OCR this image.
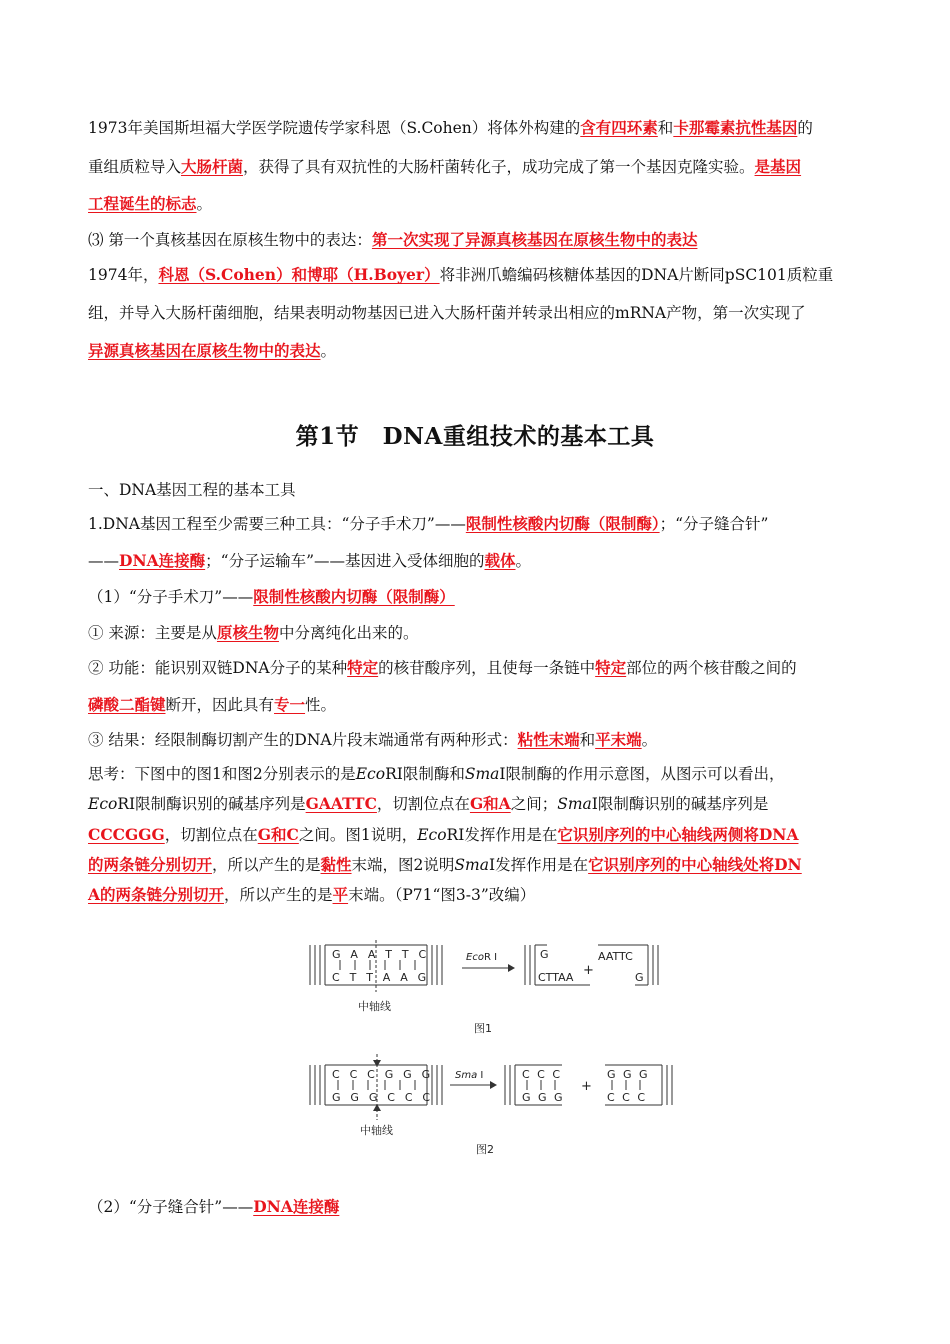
1973年美国斯坦福大学医学院遗传学家科恩（S.Cohen）将体外构建的含有四环素和卡那霉素抗性基因的
重组质粒导入大肠杆菌，获得了具有双抗性的大肠杆菌转化子，成功完成了第一个基因克隆实验。是基因
工程诞生的标志。
⑶ 第一个真核基因在原核生物中的表达：第一次实现了异源真核基因在原核生物中的表达
1974年，科恩（S.Cohen）和博耶（H.Boyer）将非洲爪蟾编码核糖体基因的DNA片断同pSC101质粒重
组，并导入大肠杆菌细胞，结果表明动物基因已进入大肠杆菌并转录出相应的mRNA产物，第一次实现了
异源真核基因在原核生物中的表达。
第1节　DNA重组技术的基本工具
一、DNA基因工程的基本工具
1.DNA基因工程至少需要三种工具：“分子手术刀”——限制性核酸内切酶（限制酶）；“分子缝合针”
——DNA连接酶；“分子运输车”——基因进入受体细胞的载体。
（1）“分子手术刀”——限制性核酸内切酶（限制酶）
① 来源：主要是从原核生物中分离纯化出来的。
② 功能：能识别双链DNA分子的某种特定的核苷酸序列，且使每一条链中特定部位的两个核苷酸之间的
磷酸二酯键断开，因此具有专一性。
③ 结果：经限制酶切割产生的DNA片段末端通常有两种形式：粘性末端和平末端。
思考：下图中的图1和图2分别表示的是EcoRI限制酶和SmaI限制酶的作用示意图，从图示可以看出，
EcoRI限制酶识别的碱基序列是GAATTC，切割位点在G和A之间；SmaI限制酶识别的碱基序列是
CCCGGG，切割位点在G和C之间。图1说明，EcoRI发挥作用是在它识别序列的中心轴线两侧将DNA
的两条链分别切开，所以产生的是黏性末端，图2说明SmaI发挥作用是在它识别序列的中心轴线处将DN
A的两条链分别切开，所以产生的是平末端。（P71“图3-3”改编）
G A A T T C
C T T A A G
中轴线
EcoR I	G
CTTAA +
AATTC
G
图1
C C C G G G
G G G C C C
中轴线
Sma I	C C C
G G G
+
G G G
C C C
图2
（2）“分子缝合针”——DNA连接酶
